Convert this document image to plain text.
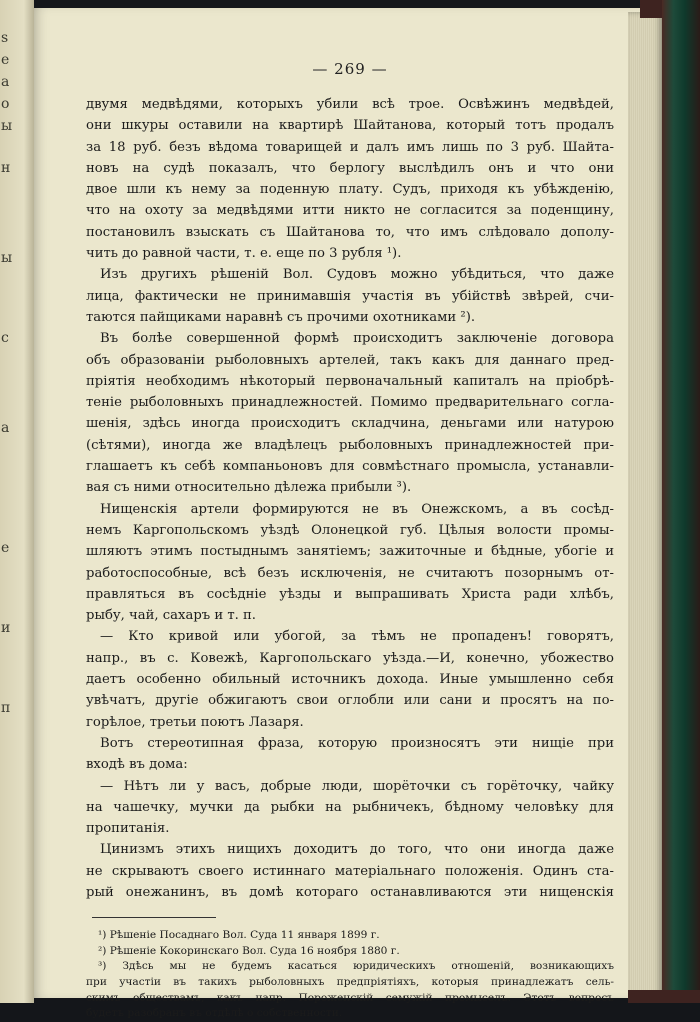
s
e
a
o
ы
н
ы
c
a
e
и
п
— 269 —
двумя медвѣдями, которыхъ убили всѣ трое. Освѣжинъ медвѣдей,
они шкуры оставили на квартирѣ Шайтанова, который тотъ продалъ
за 18 руб. безъ вѣдома товарищей и далъ имъ лишь по 3 руб. Шайта-
новъ на судѣ показалъ, что берлогу выслѣдилъ онъ и что они
двое шли къ нему за поденную плату. Судъ, приходя къ убѣжденію,
что на охоту за медвѣдями итти никто не согласится за поденщину,
постановилъ взыскать съ Шайтанова то, что имъ слѣдовало дополу-
чить до равной части, т. е. еще по 3 рубля ¹).
Изъ другихъ рѣшеній Вол. Судовъ можно убѣдиться, что даже
лица, фактически не принимавшія участія въ убійствѣ звѣрей, счи-
таются пайщиками наравнѣ съ прочими охотниками ²).
Въ болѣе совершенной формѣ происходитъ заключеніе договора
объ образованіи рыболовныхъ артелей, такъ какъ для даннаго пред-
пріятія необходимъ нѣкоторый первоначальный капиталъ на пріобрѣ-
теніе рыболовныхъ принадлежностей. Помимо предварительнаго согла-
шенія, здѣсь иногда происходитъ складчина, деньгами или натурою
(сѣтями), иногда же владѣлецъ рыболовныхъ принадлежностей при-
глашаетъ къ себѣ компаньоновъ для совмѣстнаго промысла, устанавли-
вая съ ними относительно дѣлежа прибыли ³).
Нищенскія артели формируются не въ Онежскомъ, а въ сосѣд-
немъ Каргопольскомъ уѣздѣ Олонецкой губ. Цѣлыя волости промы-
шляютъ этимъ постыднымъ занятіемъ; зажиточные и бѣдные, убогіе и
работоспособные, всѣ безъ исключенія, не считаютъ позорнымъ от-
правляться въ сосѣдніе уѣзды и выпрашивать Христа ради хлѣбъ,
рыбу, чай, сахаръ и т. п.
— Кто кривой или убогой, за тѣмъ не пропаденъ! говорятъ,
напр., въ с. Ковежѣ, Каргопольскаго уѣзда.—И, конечно, убожество
даетъ особенно обильный источникъ дохода. Иные умышленно себя
увѣчатъ, другіе обжигаютъ свои оглобли или сани и просятъ на по-
горѣлое, третьи поютъ Лазаря.
Вотъ стереотипная фраза, которую произносятъ эти нищіе при
входѣ въ дома:
— Нѣтъ ли у васъ, добрые люди, шорёточки съ горёточку, чайку
на чашечку, мучки да рыбки на рыбничекъ, бѣдному человѣку для
пропитанія.
Цинизмъ этихъ нищихъ доходитъ до того, что они иногда даже
не скрываютъ своего истиннаго матеріальнаго положенія. Одинъ ста-
рый онежанинъ, въ домѣ котораго останавливаются эти нищенскія
¹) Рѣшеніе Посаднаго Вол. Суда 11 января 1899 г.
²) Рѣшеніе Кокоринскаго Вол. Суда 16 ноября 1880 г.
³) Здѣсь мы не будемъ касаться юридическихъ отношеній, возникающихъ
при участіи въ такихъ рыболовныхъ предпріятіяхъ, которыя принадлежатъ сель-
скимъ обществамъ, какъ напр. Пороженскій семужій промыселъ. Этотъ вопросъ
будетъ разобранъ въ отдѣлѣ о собственности.
